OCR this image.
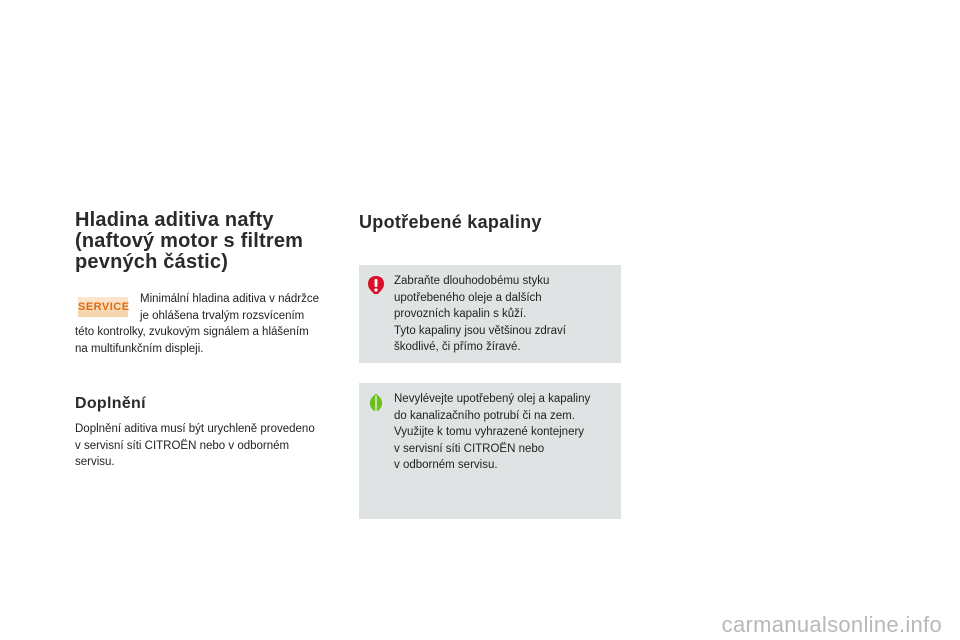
Hladina aditiva nafty
(naftový motor s filtrem
pevných částic)
SERVICE
Minimální hladina aditiva v nádržce
je ohlášena trvalým rozsvícením
této kontrolky, zvukovým signálem a hlášením
na multifunkčním displeji.
Doplnění
Doplnění aditiva musí být urychleně provedeno
v servisní síti CITROËN nebo v odborném
servisu.
Upotřebené kapaliny
Zabraňte dlouhodobému styku
upotřebeného oleje a dalších
provozních kapalin s kůží.
Tyto kapaliny jsou většinou zdraví
škodlivé, či přímo žíravé.
Nevylévejte upotřebený olej a kapaliny
do kanalizačního potrubí či na zem.
Využijte k tomu vyhrazené kontejnery
v servisní síti CITROËN nebo
v odborném servisu.
carmanualsonline.info
